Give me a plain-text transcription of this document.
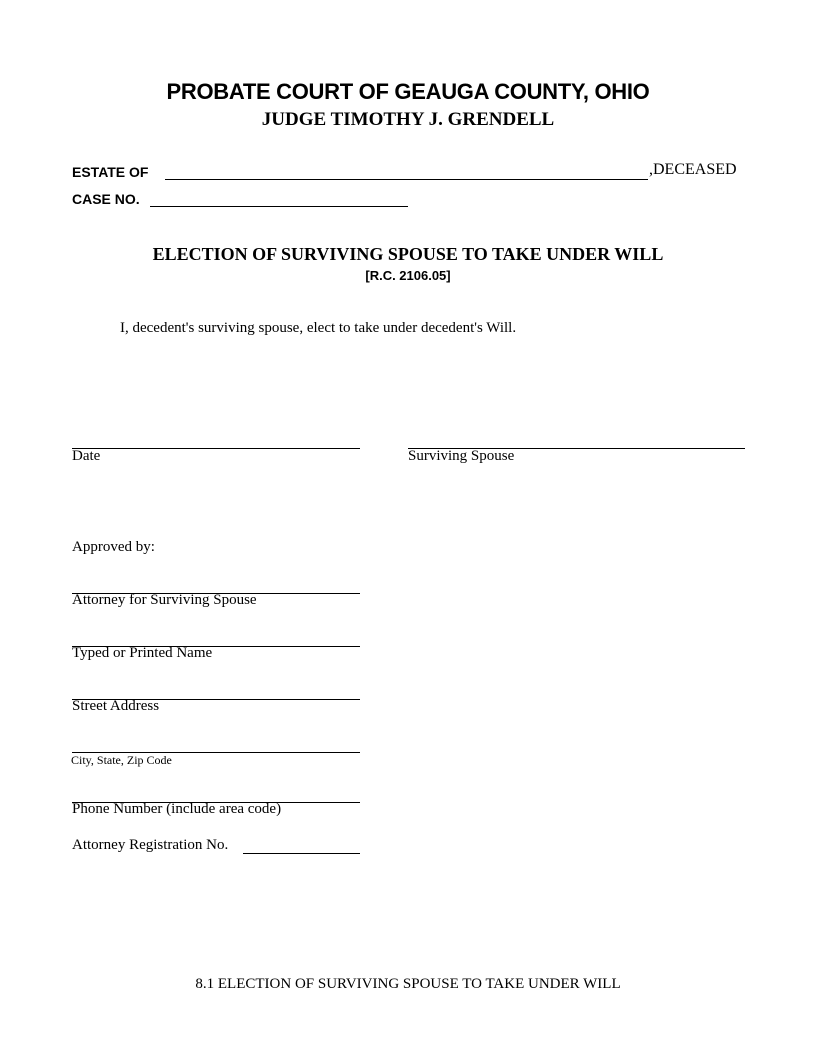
PROBATE COURT OF GEAUGA COUNTY, OHIO
JUDGE TIMOTHY J. GRENDELL
ESTATE OF	,DECEASED
CASE NO.
ELECTION OF SURVIVING SPOUSE TO TAKE UNDER WILL
[R.C. 2106.05]
I, decedent's surviving spouse, elect to take under decedent's Will.
Date	Surviving Spouse
Approved by:
Attorney for Surviving Spouse
Typed or Printed Name
Street Address
City, State, Zip Code
Phone Number (include area code)
Attorney Registration No.
8.1 ELECTION OF SURVIVING SPOUSE TO TAKE UNDER WILL
